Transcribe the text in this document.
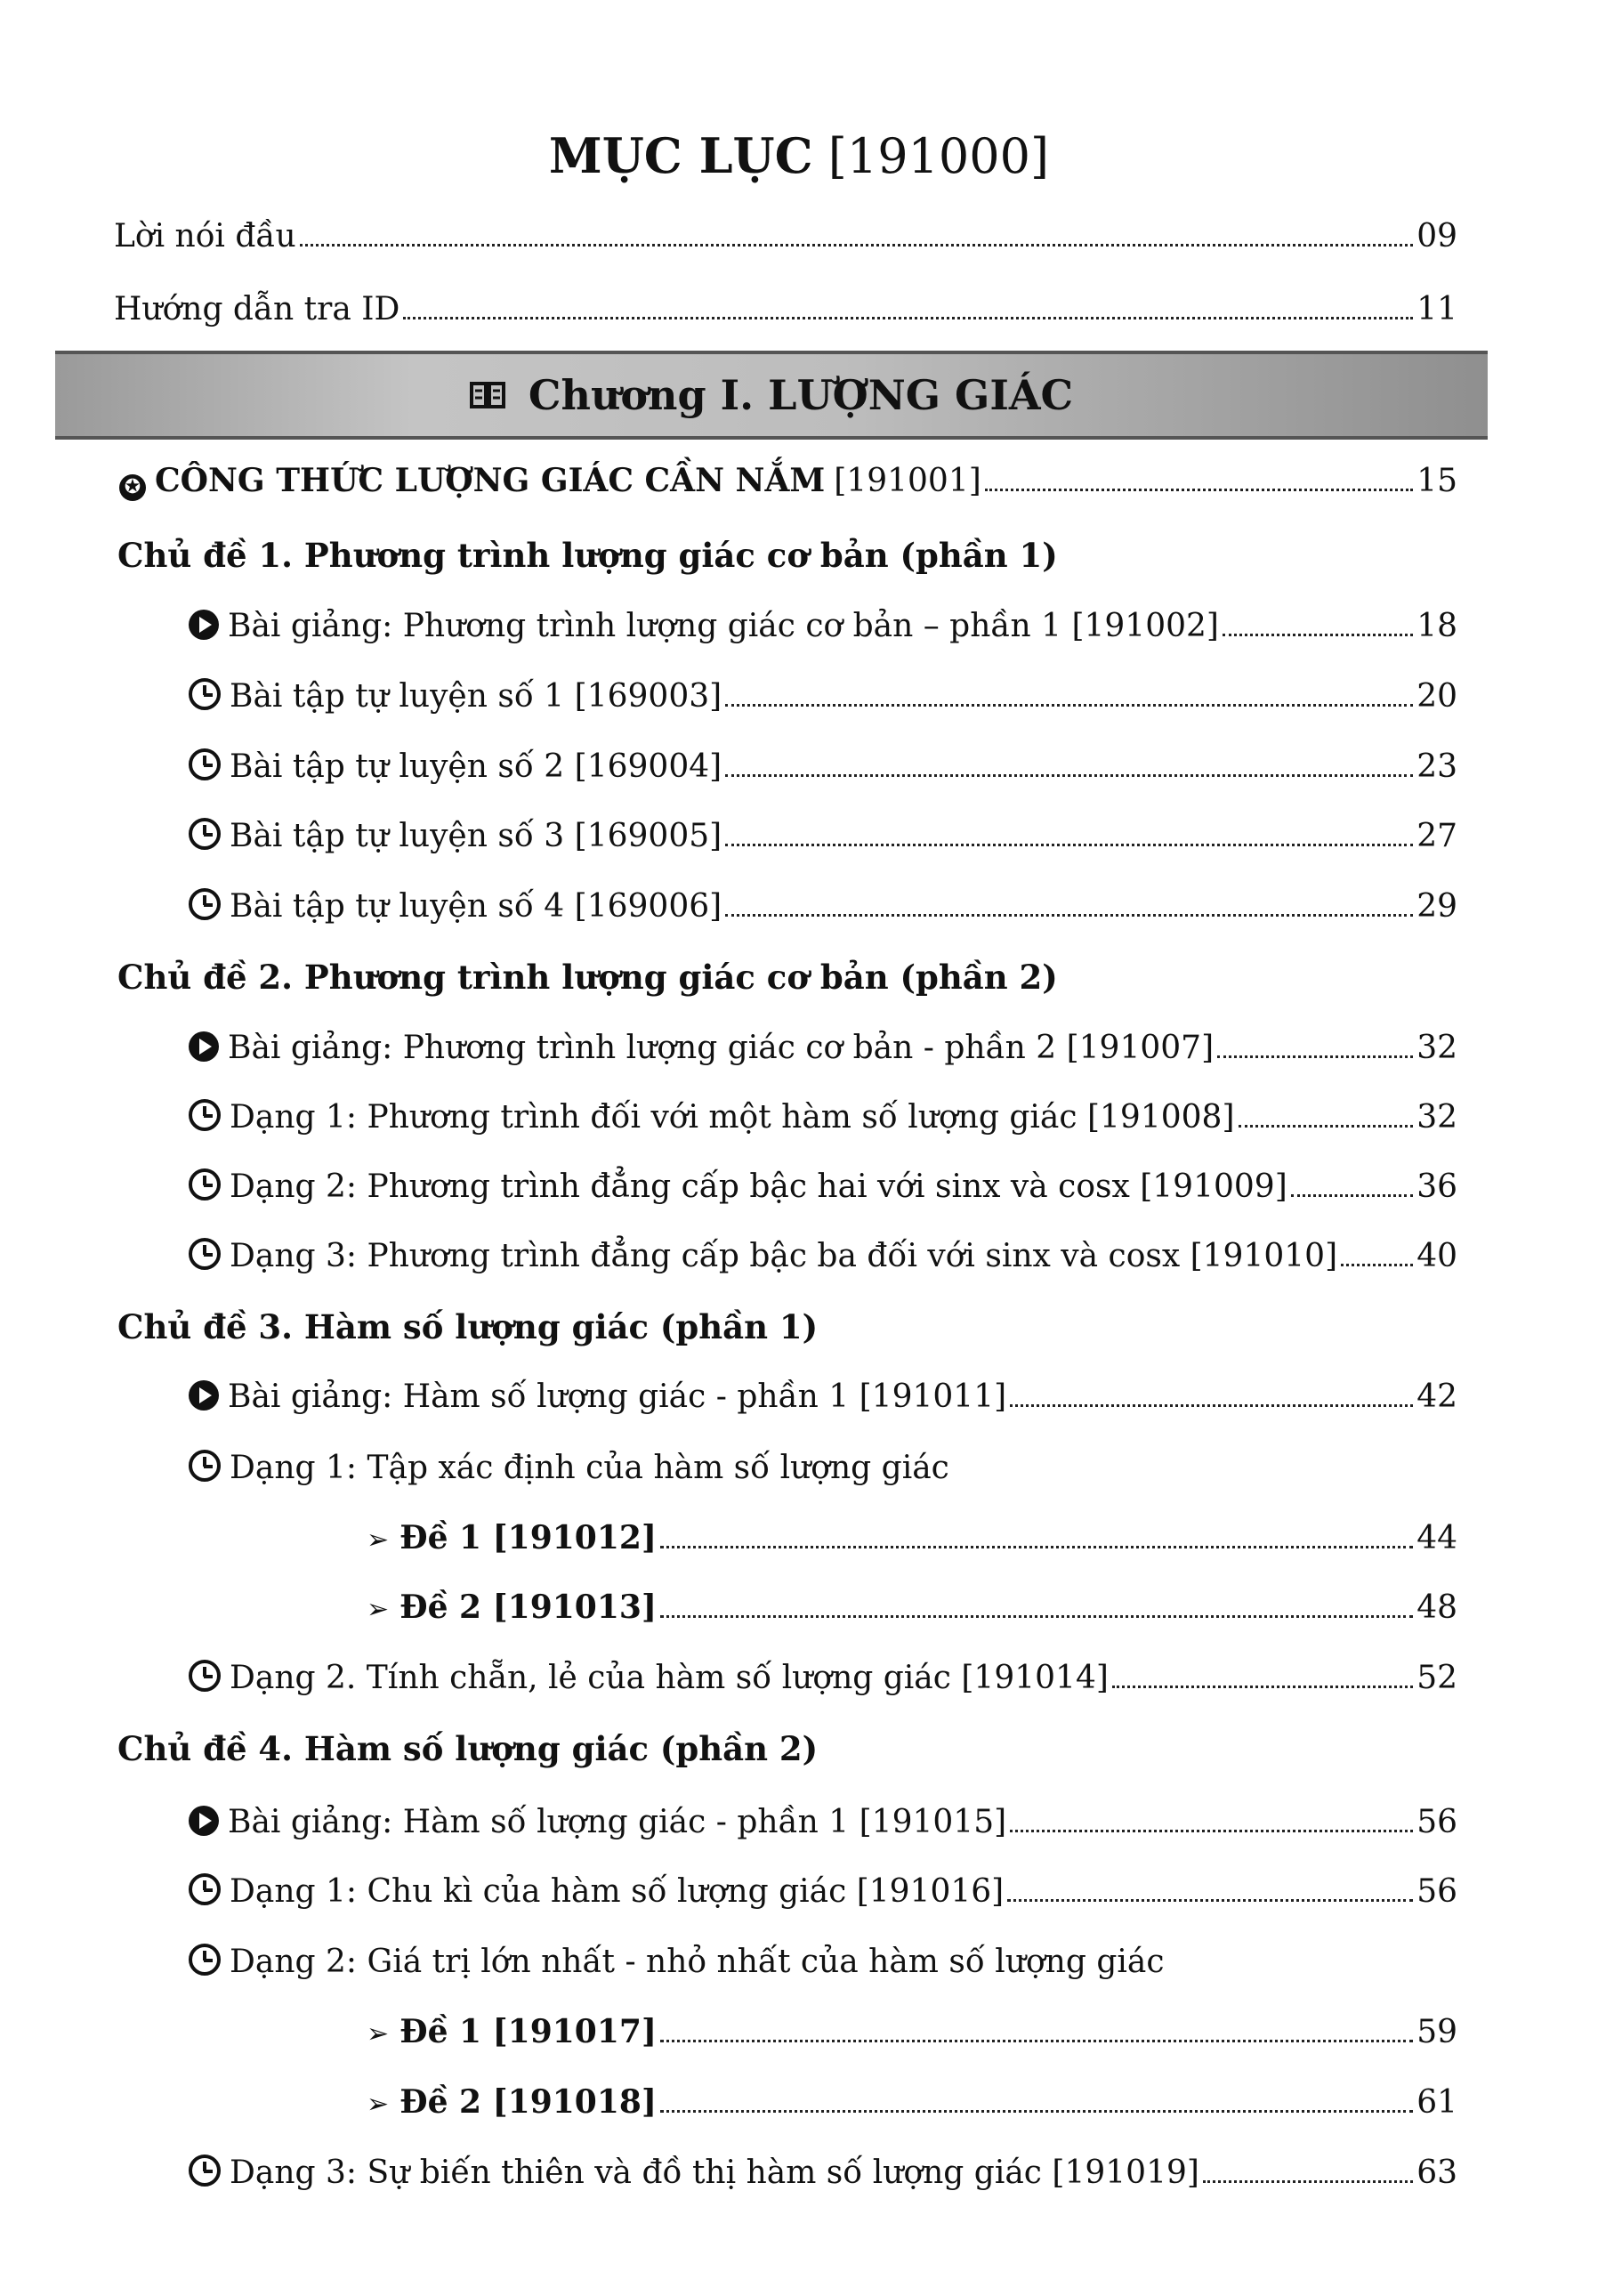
MỤC LỤC [191000]
Lời nói đầu	09
Hướng dẫn tra ID	11
Chương I. LƯỢNG GIÁC
✪ CÔNG THỨC LƯỢNG GIÁC CẦN NẮM [191001]	15
Chủ đề 1. Phương trình lượng giác cơ bản (phần 1)
Bài giảng: Phương trình lượng giác cơ bản – phần 1 [191002]	18
Bài tập tự luyện số 1 [169003]	20
Bài tập tự luyện số 2 [169004]	23
Bài tập tự luyện số 3 [169005]	27
Bài tập tự luyện số 4 [169006]	29
Chủ đề 2. Phương trình lượng giác cơ bản (phần 2)
Bài giảng: Phương trình lượng giác cơ bản - phần 2 [191007]	32
Dạng 1: Phương trình đối với một hàm số lượng giác [191008]	32
Dạng 2: Phương trình đẳng cấp bậc hai với sinx và cosx [191009]	36
Dạng 3: Phương trình đẳng cấp bậc ba đối với sinx và cosx [191010] 40
Chủ đề 3. Hàm số lượng giác (phần 1)
Bài giảng: Hàm số lượng giác - phần 1 [191011]	42
Dạng 1: Tập xác định của hàm số lượng giác
➢ Đề 1 [191012]	44
➢ Đề 2 [191013]	48
Dạng 2. Tính chẵn, lẻ của hàm số lượng giác [191014]	52
Chủ đề 4. Hàm số lượng giác (phần 2)
Bài giảng: Hàm số lượng giác - phần 1 [191015]	56
Dạng 1: Chu kì của hàm số lượng giác [191016]	56
Dạng 2: Giá trị lớn nhất - nhỏ nhất của hàm số lượng giác
➢ Đề 1 [191017]	59
➢ Đề 2 [191018]	61
Dạng 3: Sự biến thiên và đồ thị hàm số lượng giác [191019]	63
